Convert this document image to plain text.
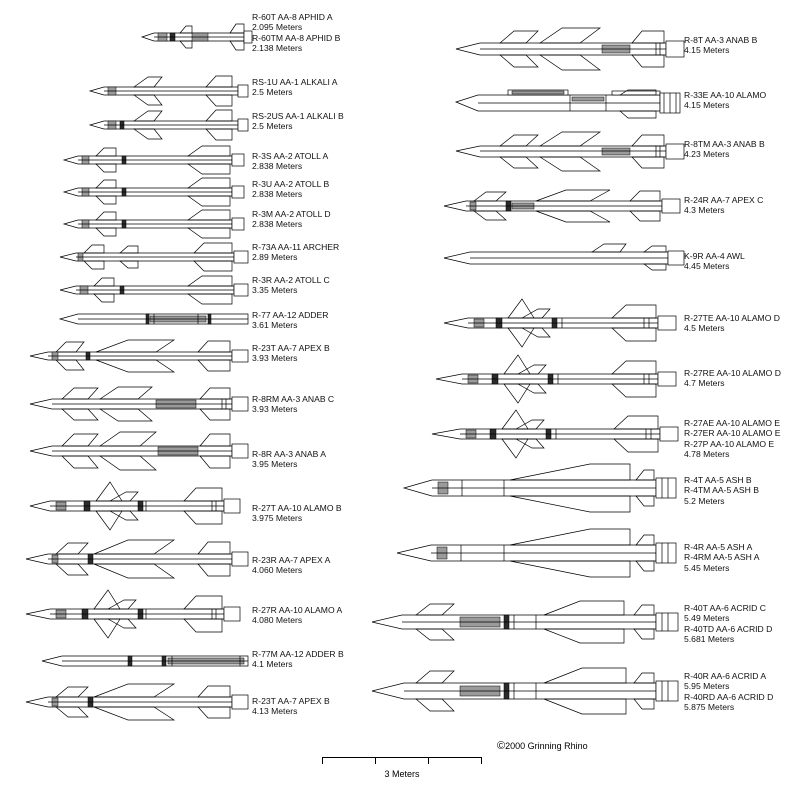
R-60T AA-8 APHID A
2.095 Meters
R-60TM AA-8 APHID B
2.138 Meters
RS-1U AA-1 ALKALI A
2.5 Meters
RS-2US AA-1 ALKALI B
2.5 Meters
R-3S AA-2 ATOLL A
2.838 Meters
R-3U AA-2 ATOLL B
2.838 Meters
R-3M AA-2 ATOLL D
2.838 Meters
R-73A AA-11 ARCHER
2.89 Meters
R-3R AA-2 ATOLL C
3.35 Meters
R-77 AA-12 ADDER
3.61 Meters
R-23T AA-7 APEX B
3.93 Meters
R-8RM AA-3 ANAB C
3.93 Meters
R-8R AA-3 ANAB A
3.95 Meters
R-27T AA-10 ALAMO B
3.975 Meters
R-23R AA-7 APEX A
4.060 Meters
R-27R AA-10 ALAMO A
4.080 Meters
R-77M AA-12 ADDER B
4.1 Meters
R-23T AA-7 APEX B
4.13 Meters
R-8T AA-3 ANAB B
4.15 Meters
R-33E AA-10 ALAMO
4.15 Meters
R-8TM AA-3 ANAB B
4.23 Meters
R-24R AA-7 APEX C
4.3 Meters
K-9R AA-4 AWL
4.45 Meters
R-27TE AA-10 ALAMO D
4.5 Meters
R-27RE AA-10 ALAMO D
4.7 Meters
R-27AE AA-10 ALAMO E
R-27ER AA-10 ALAMO E
R-27P AA-10 ALAMO E
4.78 Meters
R-4T AA-5 ASH B
R-4TM AA-5 ASH B
5.2 Meters
R-4R AA-5 ASH A
R-4RM AA-5 ASH A
5.45 Meters
R-40T AA-6 ACRID C
5.49 Meters
R-40TD AA-6 ACRID D
5.681 Meters
R-40R AA-6 ACRID A
5.95 Meters
R-40RD AA-6 ACRID D
5.875 Meters
©2000 Grinning Rhino
3 Meters
